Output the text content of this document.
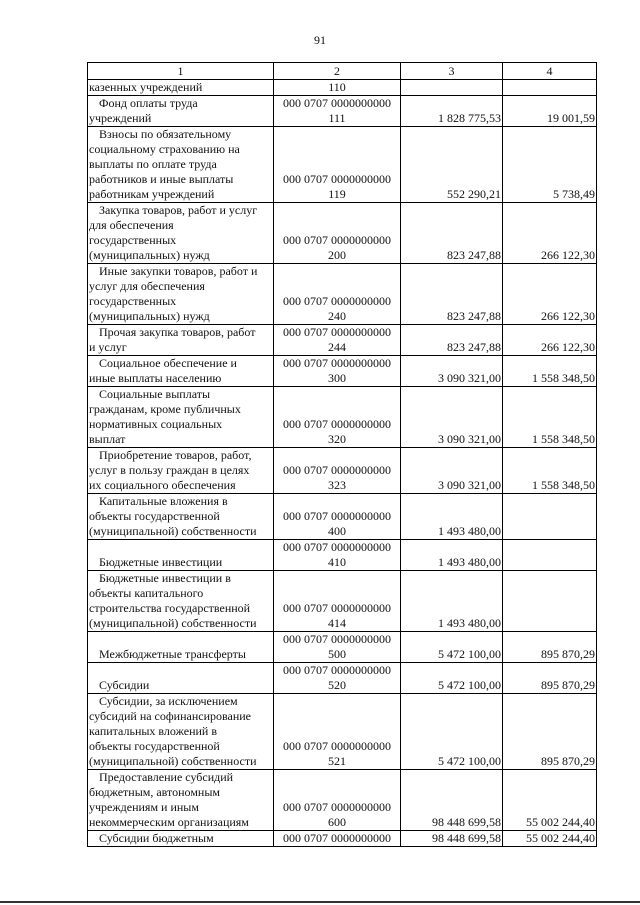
91
1	2	3	4

казенных учреждений	110		

Фонд оплаты труда
учреждений	000 0707 0000000000
111	1 828 775,53	19 001,59

Взносы по обязательному
социальному страхованию на
выплаты по оплате труда
работников и иные выплаты
работникам учреждений	000 0707 0000000000
119	552 290,21	5 738,49

Закупка товаров, работ и услуг
для обеспечения
государственных
(муниципальных) нужд	000 0707 0000000000
200	823 247,88	266 122,30

Иные закупки товаров, работ и
услуг для обеспечения
государственных
(муниципальных) нужд	000 0707 0000000000
240	823 247,88	266 122,30

Прочая закупка товаров, работ
и услуг	000 0707 0000000000
244	823 247,88	266 122,30

Социальное обеспечение и
иные выплаты населению	000 0707 0000000000
300	3 090 321,00	1 558 348,50

Социальные выплаты
гражданам, кроме публичных
нормативных социальных
выплат	000 0707 0000000000
320	3 090 321,00	1 558 348,50

Приобретение товаров, работ,
услуг в пользу граждан в целях
их социального обеспечения	000 0707 0000000000
323	3 090 321,00	1 558 348,50

Капитальные вложения в
объекты государственной
(муниципальной) собственности	000 0707 0000000000
400	1 493 480,00	

Бюджетные инвестиции	000 0707 0000000000
410	1 493 480,00	

Бюджетные инвестиции в
объекты капитального
строительства государственной
(муниципальной) собственности	000 0707 0000000000
414	1 493 480,00	

Межбюджетные трансферты	000 0707 0000000000
500	5 472 100,00	895 870,29

Субсидии	000 0707 0000000000
520	5 472 100,00	895 870,29

Субсидии, за исключением
субсидий на софинансирование
капитальных вложений в
объекты государственной
(муниципальной) собственности	000 0707 0000000000
521	5 472 100,00	895 870,29

Предоставление субсидий
бюджетным, автономным
учреждениям и иным
некоммерческим организациям	000 0707 0000000000
600	98 448 699,58	55 002 244,40

Субсидии бюджетным	000 0707 0000000000	98 448 699,58	55 002 244,40
